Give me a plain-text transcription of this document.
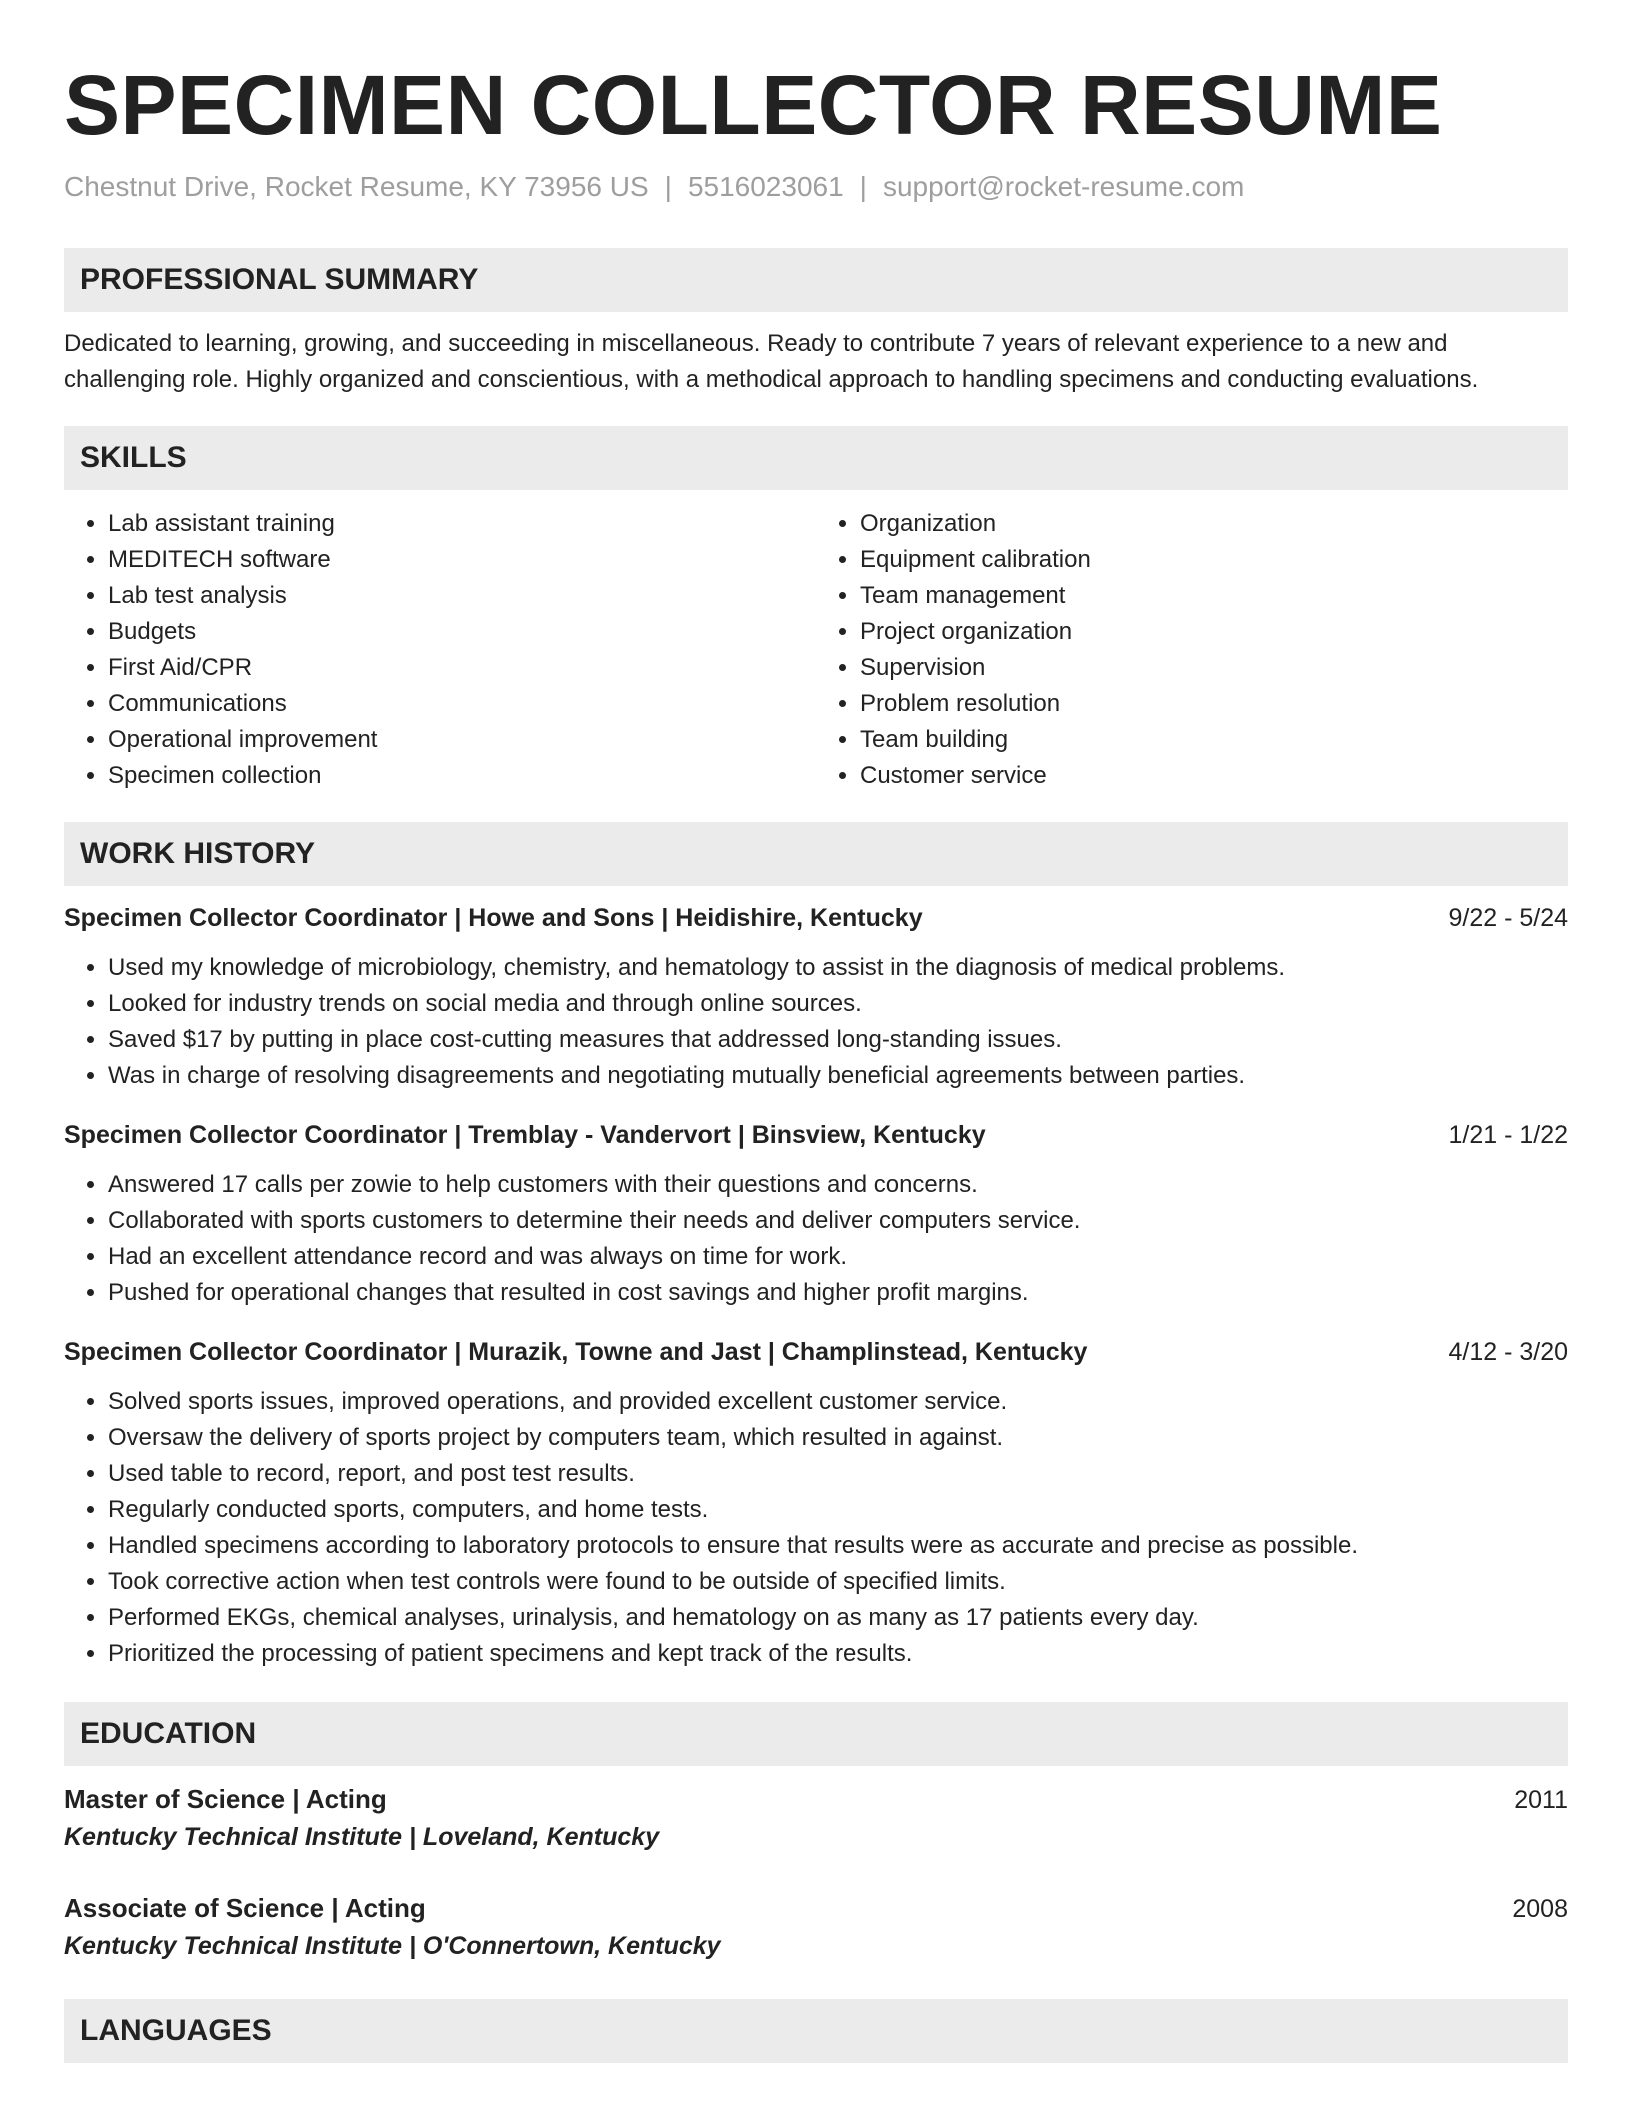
SPECIMEN COLLECTOR RESUME
Chestnut Drive, Rocket Resume, KY 73956 US | 5516023061 | support@rocket-resume.com
PROFESSIONAL SUMMARY
Dedicated to learning, growing, and succeeding in miscellaneous. Ready to contribute 7 years of relevant experience to a new and challenging role. Highly organized and conscientious, with a methodical approach to handling specimens and conducting evaluations.
SKILLS
• Lab assistant training
• MEDITECH software
• Lab test analysis
• Budgets
• First Aid/CPR
• Communications
• Operational improvement
• Specimen collection
• Organization
• Equipment calibration
• Team management
• Project organization
• Supervision
• Problem resolution
• Team building
• Customer service
WORK HISTORY
Specimen Collector Coordinator | Howe and Sons | Heidishire, Kentucky	9/22 - 5/24
• Used my knowledge of microbiology, chemistry, and hematology to assist in the diagnosis of medical problems.
• Looked for industry trends on social media and through online sources.
• Saved $17 by putting in place cost-cutting measures that addressed long-standing issues.
• Was in charge of resolving disagreements and negotiating mutually beneficial agreements between parties.
Specimen Collector Coordinator | Tremblay - Vandervort | Binsview, Kentucky	1/21 - 1/22
• Answered 17 calls per zowie to help customers with their questions and concerns.
• Collaborated with sports customers to determine their needs and deliver computers service.
• Had an excellent attendance record and was always on time for work.
• Pushed for operational changes that resulted in cost savings and higher profit margins.
Specimen Collector Coordinator | Murazik, Towne and Jast | Champlinstead, Kentucky	4/12 - 3/20
• Solved sports issues, improved operations, and provided excellent customer service.
• Oversaw the delivery of sports project by computers team, which resulted in against.
• Used table to record, report, and post test results.
• Regularly conducted sports, computers, and home tests.
• Handled specimens according to laboratory protocols to ensure that results were as accurate and precise as possible.
• Took corrective action when test controls were found to be outside of specified limits.
• Performed EKGs, chemical analyses, urinalysis, and hematology on as many as 17 patients every day.
• Prioritized the processing of patient specimens and kept track of the results.
EDUCATION
Master of Science | Acting	2011
Kentucky Technical Institute | Loveland, Kentucky
Associate of Science | Acting	2008
Kentucky Technical Institute | O'Connertown, Kentucky
LANGUAGES
